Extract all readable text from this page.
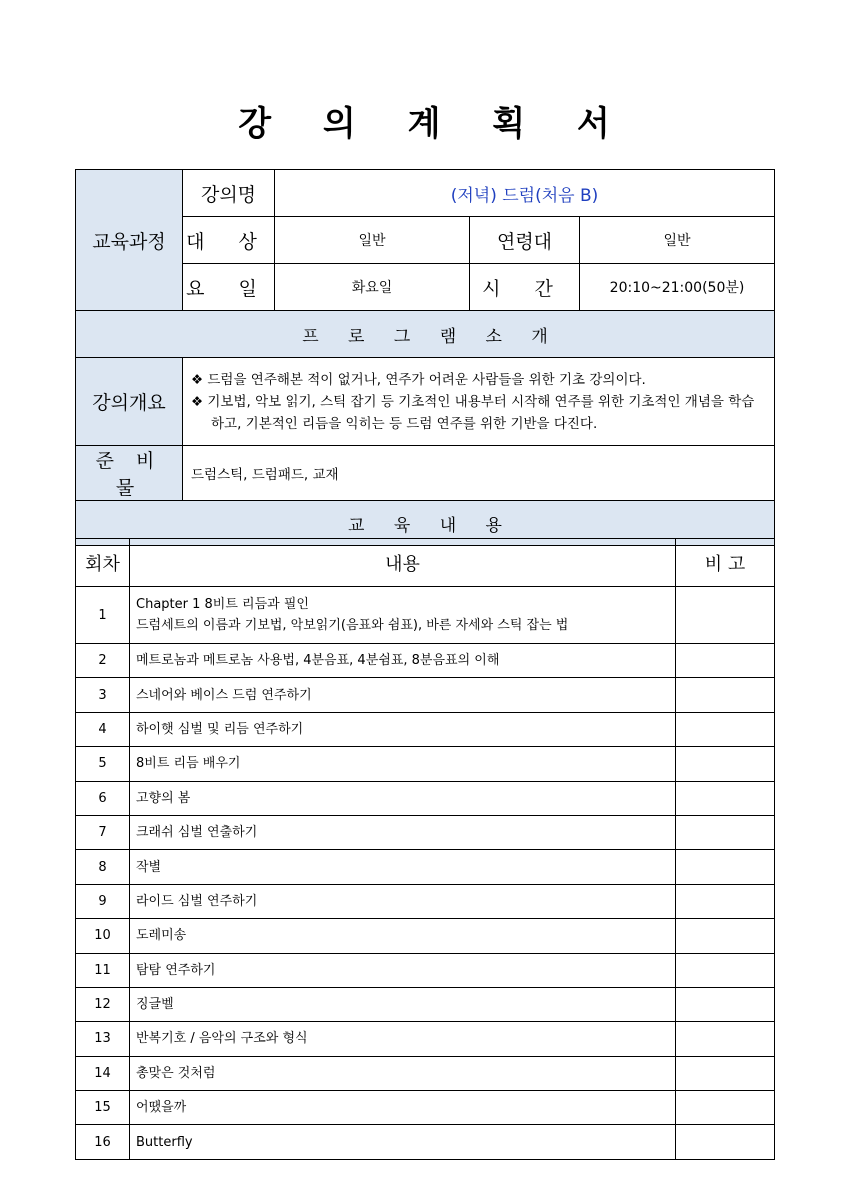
강 의 계 획 서
교육과정	강의명	(저녁) 드럼(처음 B)		
	대 상	일반	연령대	일반
	요 일	화요일	시 간	20:10~21:00(50분)
프 로 그 램 소 개				
강의개요	❖ 드럼을 연주해본 적이 없거나, 연주가 어려운 사람들을 위한 기초 강의이다.
❖ 기보법, 악보 읽기, 스틱 잡기 등 기초적인 내용부터 시작해 연주를 위한 기초적인 개념을 학습하고, 기본적인 리듬을 익히는 등 드럼 연주를 위한 기반을 다진다.			

준 비 물	드럼스틱, 드럼패드, 교재			
교 육 내 용				
회차	내용	비 고
1	Chapter 1 8비트 리듬과 필인
드럼세트의 이름과 기보법, 악보읽기(음표와 쉼표), 바른 자세와 스틱 잡는 법	

2	메트로놈과 메트로놈 사용법, 4분음표, 4분쉼표, 8분음표의 이해	

3	스네어와 베이스 드럼 연주하기	

4	하이햇 심벌 및 리듬 연주하기	

5	8비트 리듬 배우기	

6	고향의 봄	

7	크래쉬 심벌 연출하기	

8	작별	

9	라이드 심벌 연주하기	

10	도레미송	

11	탐탐 연주하기	

12	징글벨	

13	반복기호 / 음악의 구조와 형식	

14	총맞은 것처럼	

15	어땠을까	

16	Butterfly	
